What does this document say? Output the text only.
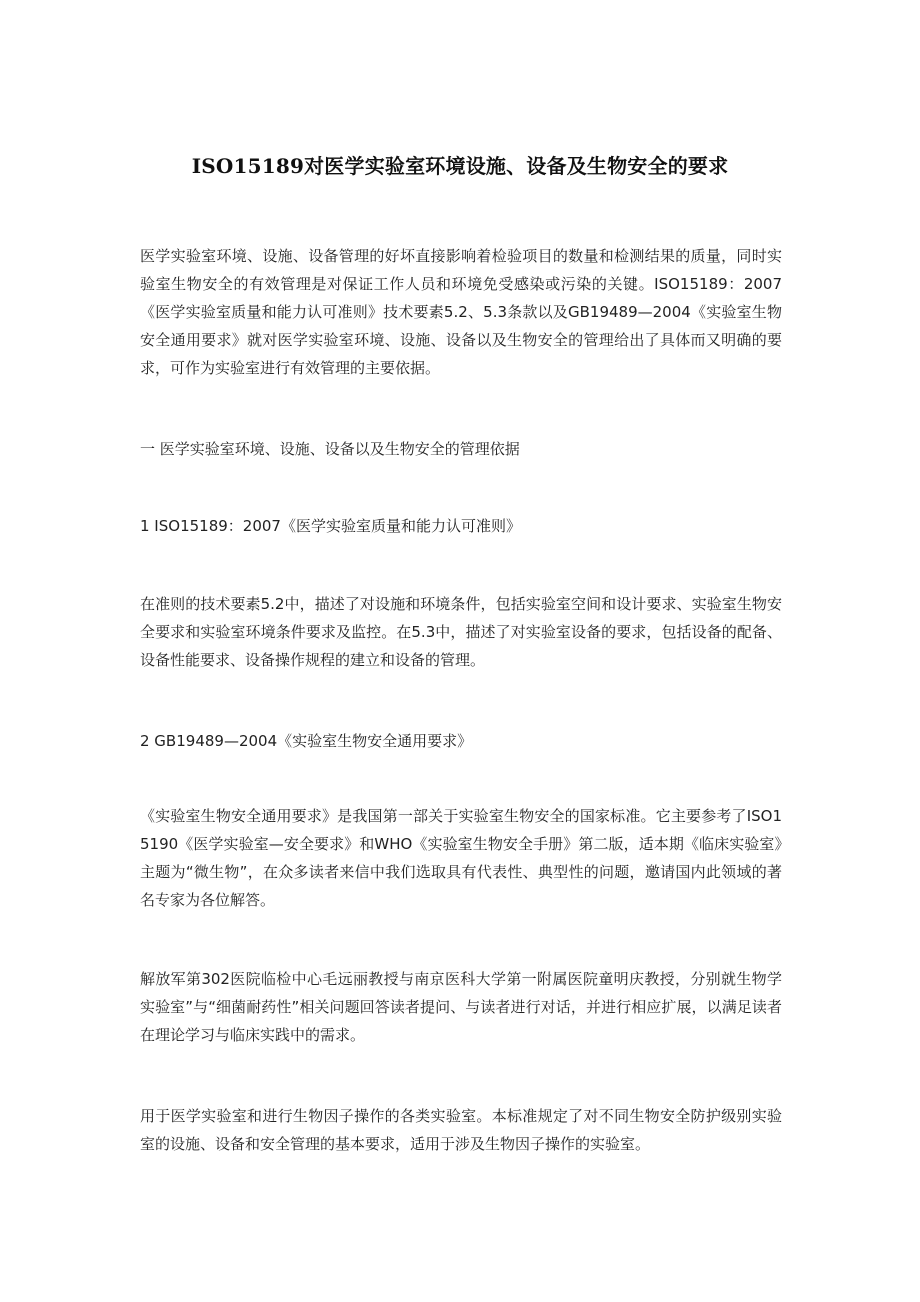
ISO15189对医学实验室环境设施、设备及生物安全的要求
医学实验室环境、设施、设备管理的好坏直接影响着检验项目的数量和检测结果的质量，同时实验室生物安全的有效管理是对保证工作人员和环境免受感染或污染的关键。ISO15189：2007《医学实验室质量和能力认可准则》技术要素5.2、5.3条款以及GB19489—2004《实验室生物安全通用要求》就对医学实验室环境、设施、设备以及生物安全的管理给出了具体而又明确的要求，可作为实验室进行有效管理的主要依据。
一 医学实验室环境、设施、设备以及生物安全的管理依据
1 ISO15189：2007《医学实验室质量和能力认可准则》
在准则的技术要素5.2中，描述了对设施和环境条件，包括实验室空间和设计要求、实验室生物安全要求和实验室环境条件要求及监控。在5.3中，描述了对实验室设备的要求，包括设备的配备、设备性能要求、设备操作规程的建立和设备的管理。
2 GB19489—2004《实验室生物安全通用要求》
《实验室生物安全通用要求》是我国第一部关于实验室生物安全的国家标准。它主要参考了ISO15190《医学实验室—安全要求》和WHO《实验室生物安全手册》第二版，适本期《临床实验室》主题为“微生物”，在众多读者来信中我们选取具有代表性、典型性的问题，邀请国内此领域的著名专家为各位解答。
解放军第302医院临检中心毛远丽教授与南京医科大学第一附属医院童明庆教授，分别就生物学实验室”与“细菌耐药性”相关问题回答读者提问、与读者进行对话，并进行相应扩展，以满足读者在理论学习与临床实践中的需求。
用于医学实验室和进行生物因子操作的各类实验室。本标准规定了对不同生物安全防护级别实验室的设施、设备和安全管理的基本要求，适用于涉及生物因子操作的实验室。
